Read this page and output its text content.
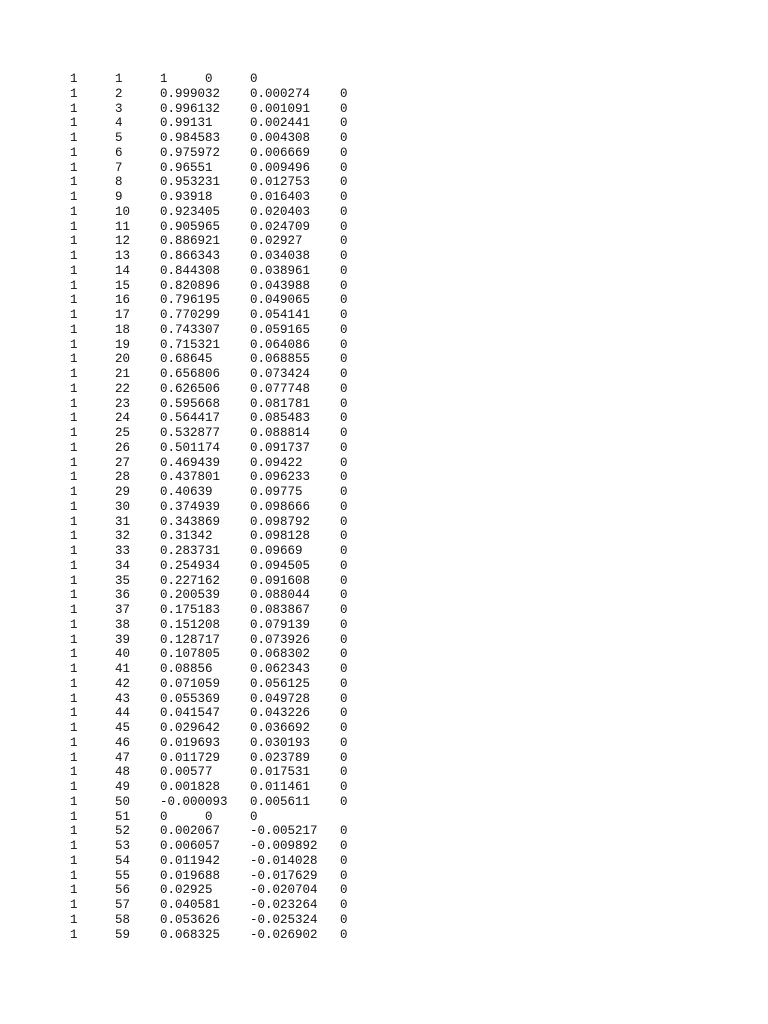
1     1     1     0     0
1     2     0.999032    0.000274    0
1     3     0.996132    0.001091    0
1     4     0.99131     0.002441    0
1     5     0.984583    0.004308    0
1     6     0.975972    0.006669    0
1     7     0.96551     0.009496    0
1     8     0.953231    0.012753    0
1     9     0.93918     0.016403    0
1     10    0.923405    0.020403    0
1     11    0.905965    0.024709    0
1     12    0.886921    0.02927     0
1     13    0.866343    0.034038    0
1     14    0.844308    0.038961    0
1     15    0.820896    0.043988    0
1     16    0.796195    0.049065    0
1     17    0.770299    0.054141    0
1     18    0.743307    0.059165    0
1     19    0.715321    0.064086    0
1     20    0.68645     0.068855    0
1     21    0.656806    0.073424    0
1     22    0.626506    0.077748    0
1     23    0.595668    0.081781    0
1     24    0.564417    0.085483    0
1     25    0.532877    0.088814    0
1     26    0.501174    0.091737    0
1     27    0.469439    0.09422     0
1     28    0.437801    0.096233    0
1     29    0.40639     0.09775     0
1     30    0.374939    0.098666    0
1     31    0.343869    0.098792    0
1     32    0.31342     0.098128    0
1     33    0.283731    0.09669     0
1     34    0.254934    0.094505    0
1     35    0.227162    0.091608    0
1     36    0.200539    0.088044    0
1     37    0.175183    0.083867    0
1     38    0.151208    0.079139    0
1     39    0.128717    0.073926    0
1     40    0.107805    0.068302    0
1     41    0.08856     0.062343    0
1     42    0.071059    0.056125    0
1     43    0.055369    0.049728    0
1     44    0.041547    0.043226    0
1     45    0.029642    0.036692    0
1     46    0.019693    0.030193    0
1     47    0.011729    0.023789    0
1     48    0.00577     0.017531    0
1     49    0.001828    0.011461    0
1     50    -0.000093   0.005611    0
1     51    0     0     0
1     52    0.002067    -0.005217   0
1     53    0.006057    -0.009892   0
1     54    0.011942    -0.014028   0
1     55    0.019688    -0.017629   0
1     56    0.02925     -0.020704   0
1     57    0.040581    -0.023264   0
1     58    0.053626    -0.025324   0
1     59    0.068325    -0.026902   0
